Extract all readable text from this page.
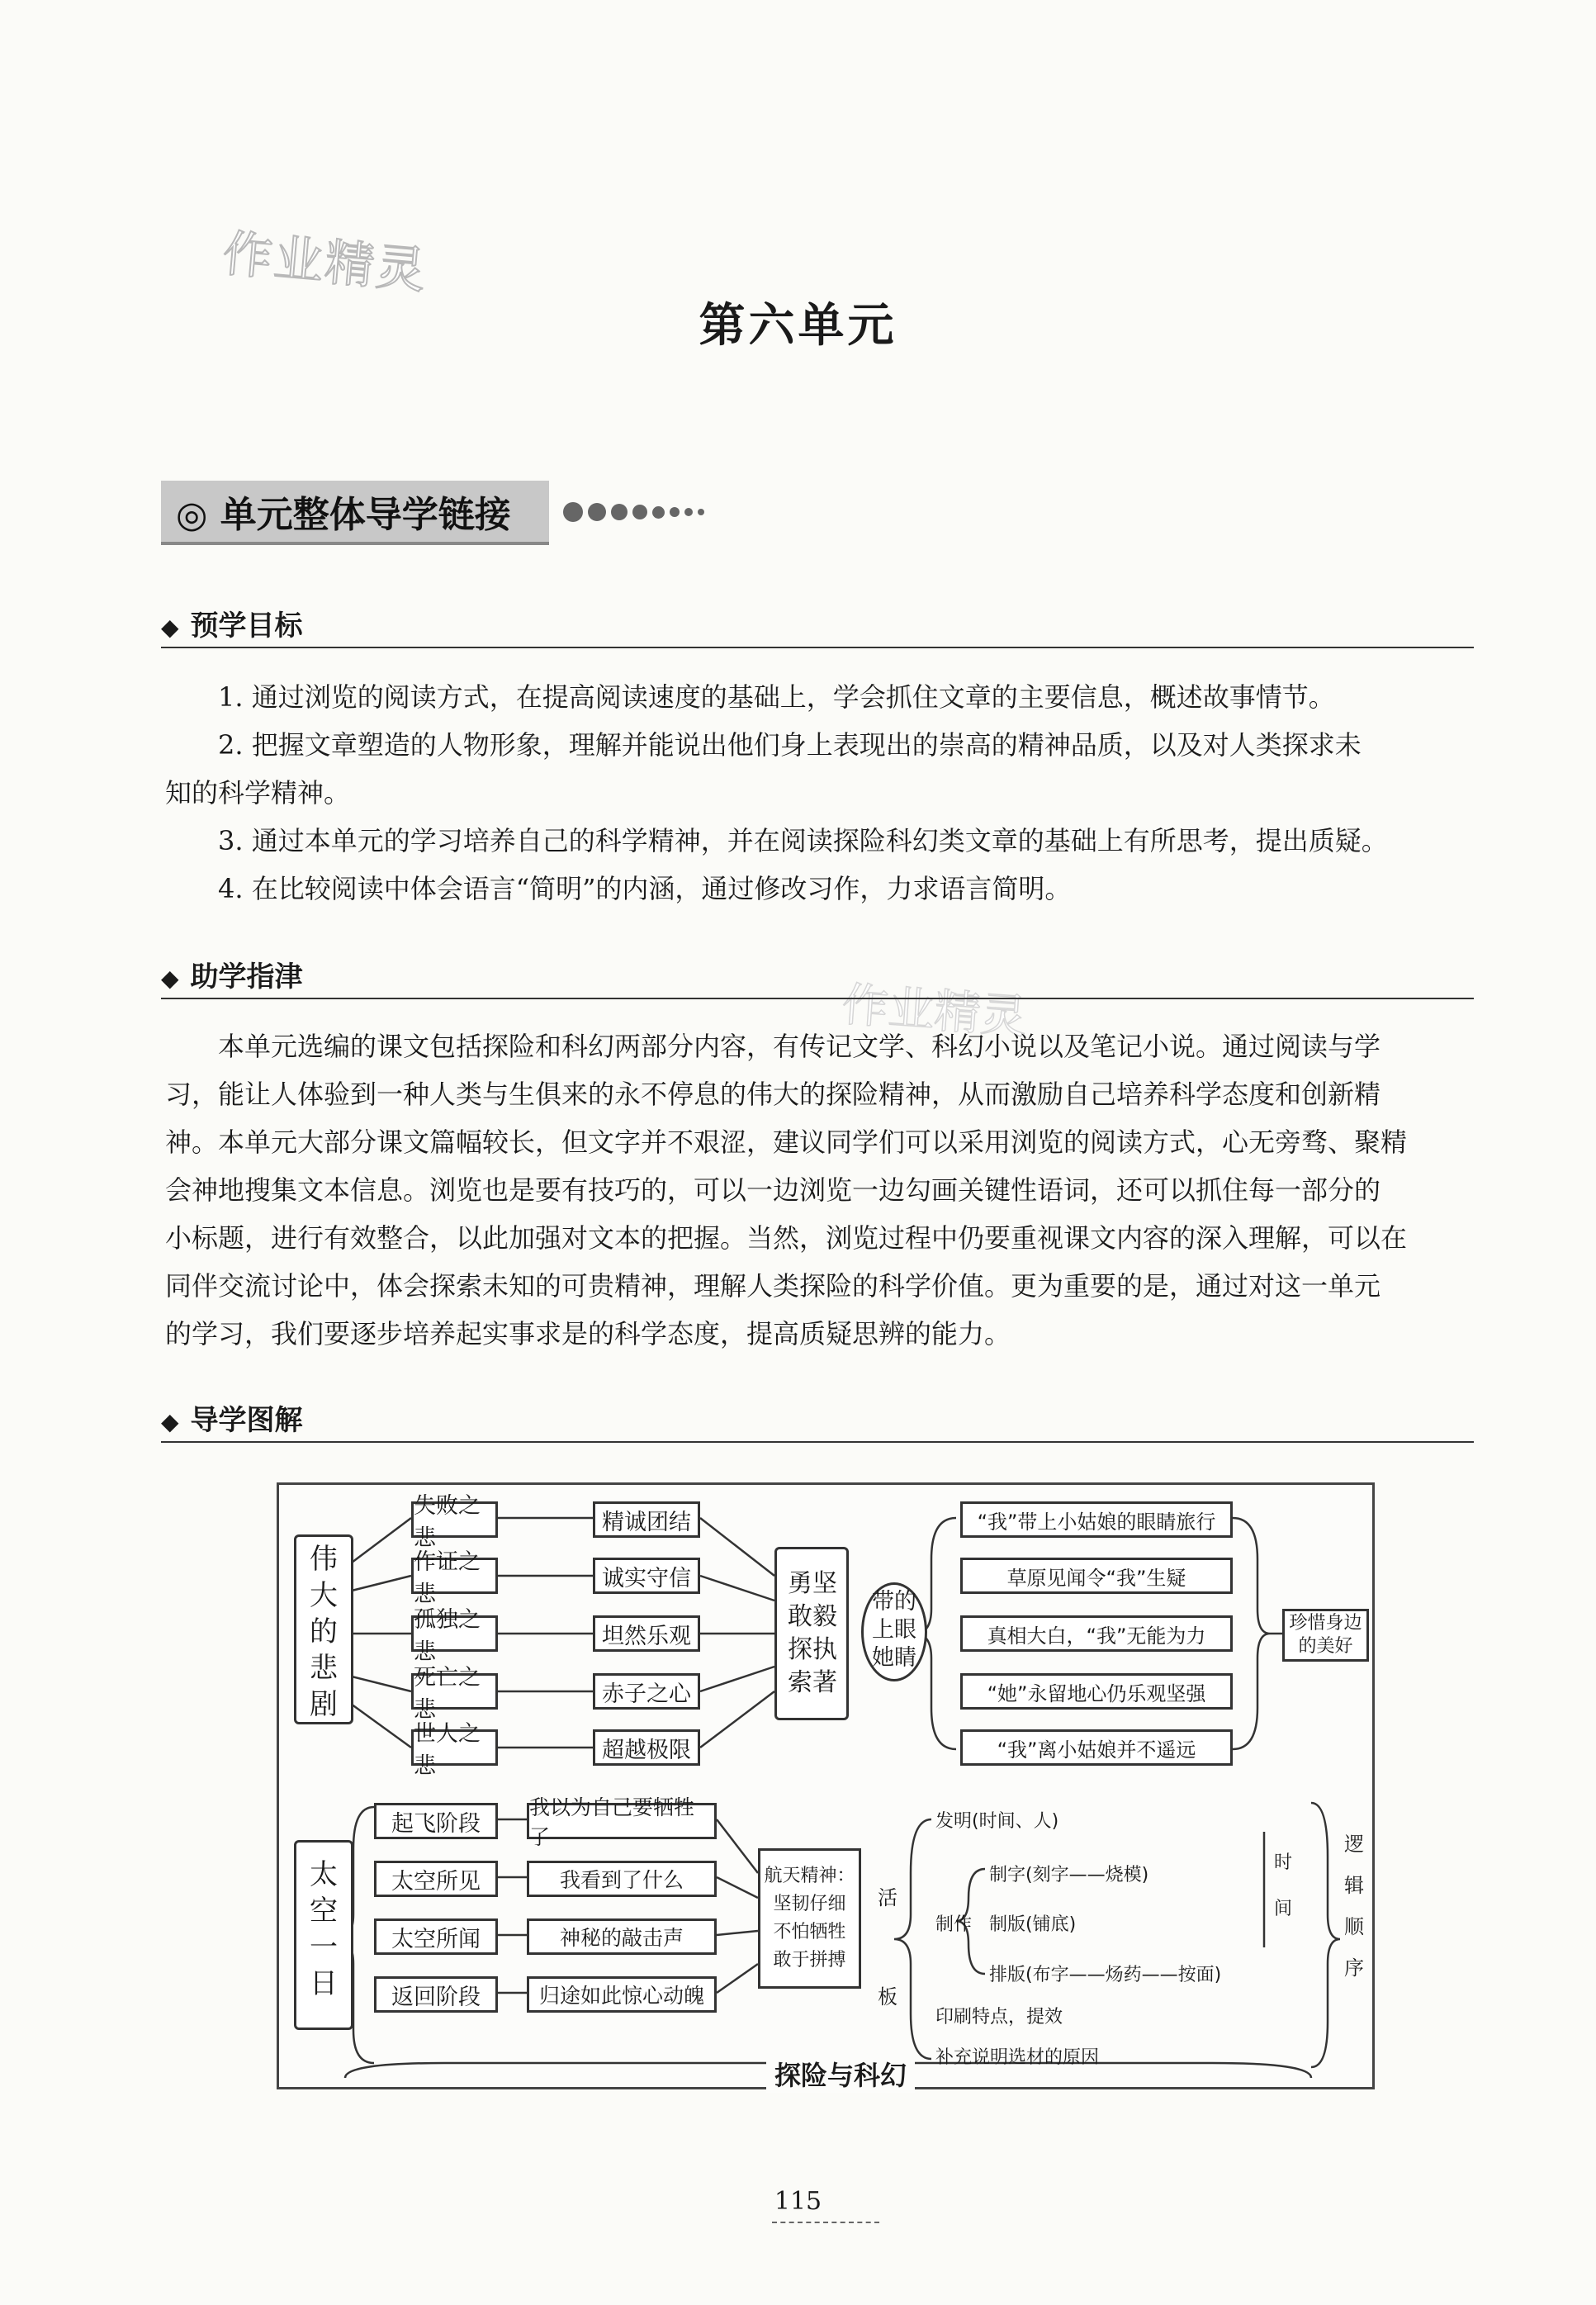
作业精灵
作业精灵
第六单元
◎ 单元整体导学链接
◆ 预学目标

1. 通过浏览的阅读方式，在提高阅读速度的基础上，学会抓住文章的主要信息，概述故事情节。

2. 把握文章塑造的人物形象，理解并能说出他们身上表现出的崇高的精神品质，以及对人类探求未

知的科学精神。

3. 通过本单元的学习培养自己的科学精神，并在阅读探险科幻类文章的基础上有所思考，提出质疑。

4. 在比较阅读中体会语言“简明”的内涵，通过修改习作，力求语言简明。

◆ 助学指津

本单元选编的课文包括探险和科幻两部分内容，有传记文学、科幻小说以及笔记小说。通过阅读与学

习，能让人体验到一种人类与生俱来的永不停息的伟大的探险精神，从而激励自己培养科学态度和创新精

神。本单元大部分课文篇幅较长，但文字并不艰涩，建议同学们可以采用浏览的阅读方式，心无旁骛、聚精

会神地搜集文本信息。浏览也是要有技巧的，可以一边浏览一边勾画关键性语词，还可以抓住每一部分的

小标题，进行有效整合，以此加强对文本的把握。当然，浏览过程中仍要重视课文内容的深入理解，可以在

同伴交流讨论中，体会探索未知的可贵精神，理解人类探险的科学价值。更为重要的是，通过对这一单元

的学习，我们要逐步培养起实事求是的科学态度，提高质疑思辨的能力。

◆ 导学图解
伟
大
的
悲
剧
失败之悲
作证之悲
孤独之悲
死亡之悲
世人之悲
精诚团结
诚实守信
坦然乐观
赤子之心
超越极限
勇坚
敢毅
探执
索著
带的
上眼
她睛
“我”带上小姑娘的眼睛旅行
草原见闻令“我”生疑
真相大白，“我”无能为力
“她”永留地心仍乐观坚强
“我”离小姑娘并不遥远
珍惜身边
的美好
太
空
一
日
起飞阶段
太空所见
太空所闻
返回阶段
我以为自己要牺牲了
我看到了什么
神秘的敲击声
归途如此惊心动魄
航天精神：
坚韧仔细
不怕牺牲
敢于拼搏
活
板
发明(时间、人)
制作
制字(刻字——烧模)
制版(铺底)
排版(布字——炀药——按面)
印刷特点，提效
补充说明选材的原因
时
间
逻
辑
顺
序
探险与科幻
115
